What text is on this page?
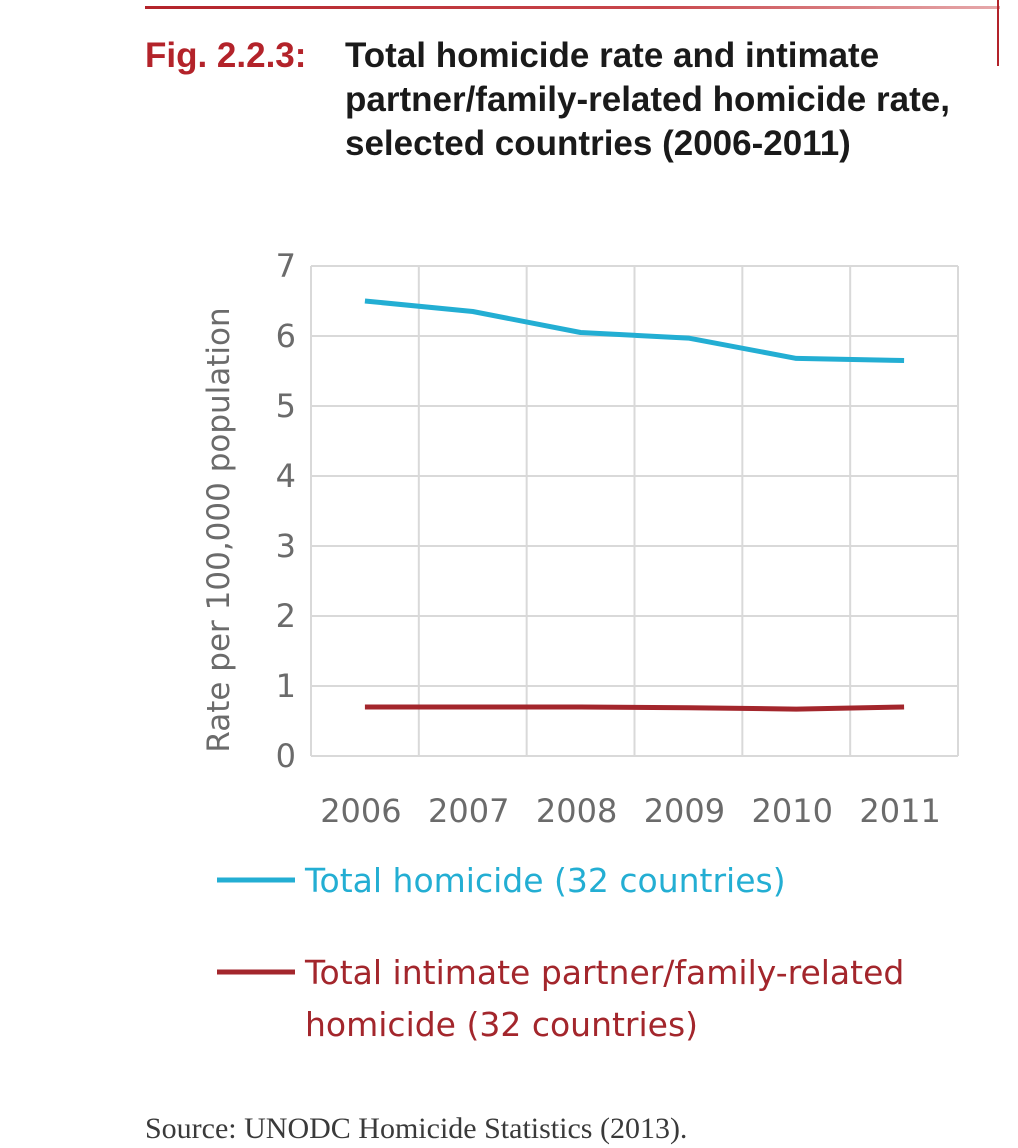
Fig. 2.2.3: Total homicide rate and intimate partner/family-related homicide rate, selected countries (2006-2011)
0
1
2
3
4
5
6
7
2006 2007 2008 2009 2010 2011
Rate per 100,000 population
Total homicide (32 countries)
Total intimate partner/family-related
homicide (32 countries)
Source: UNODC Homicide Statistics (2013).
